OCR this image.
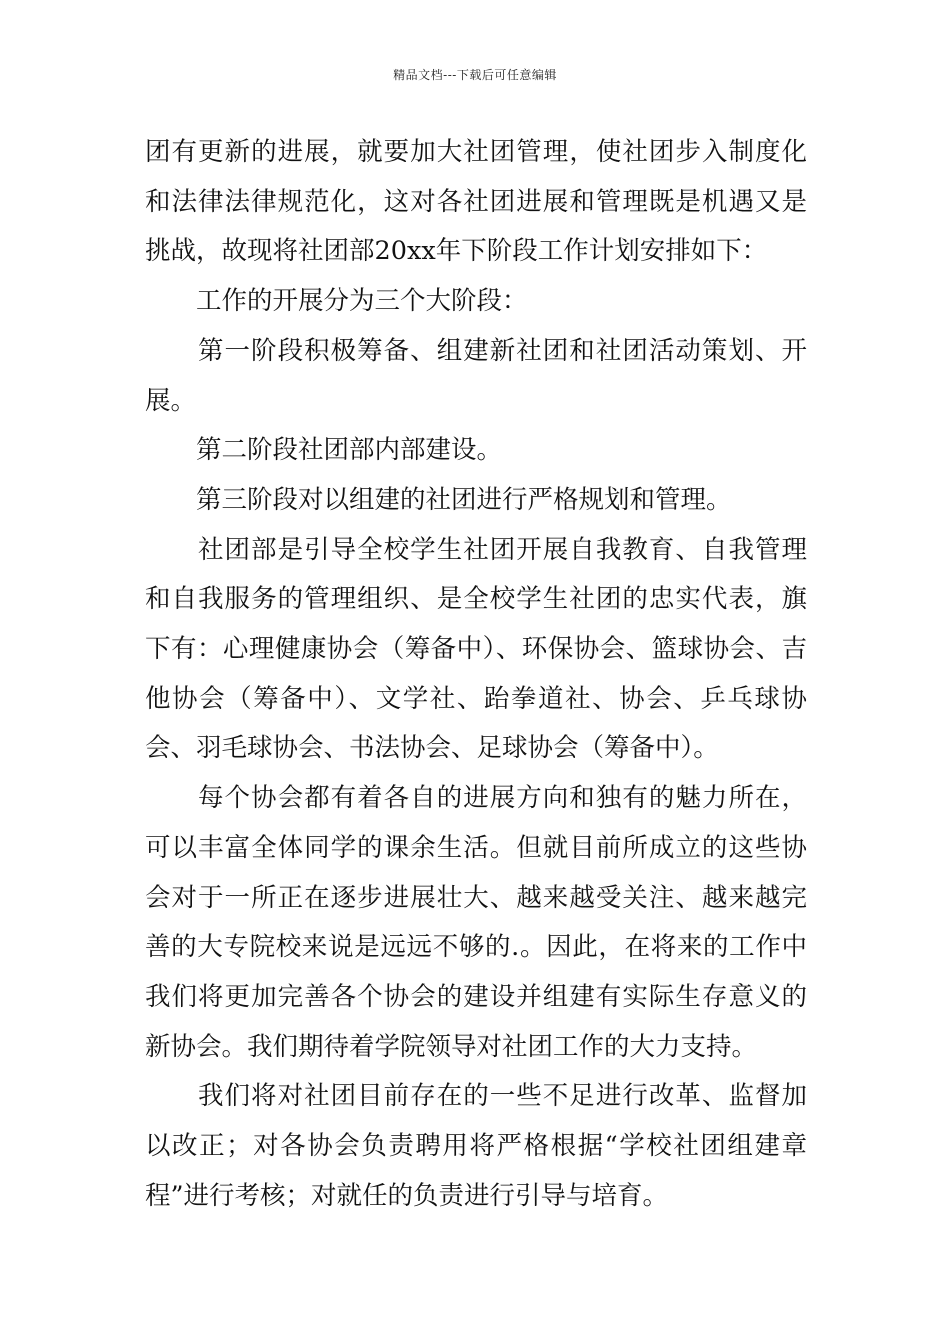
精品文档---下载后可任意编辑

团有更新的进展，就要加大社团管理，使社团步入制度化和法律法律规范化，这对各社团进展和管理既是机遇又是挑战，故现将社团部20xx年下阶段工作计划安排如下：

工作的开展分为三个大阶段：

第一阶段积极筹备、组建新社团和社团活动策划、开展。

第二阶段社团部内部建设。

第三阶段对以组建的社团进行严格规划和管理。

社团部是引导全校学生社团开展自我教育、自我管理和自我服务的管理组织、是全校学生社团的忠实代表，旗下有：心理健康协会（筹备中）、环保协会、篮球协会、吉他协会（筹备中）、文学社、跆拳道社、协会、乒乓球协会、羽毛球协会、书法协会、足球协会（筹备中）。

每个协会都有着各自的进展方向和独有的魅力所在，可以丰富全体同学的课余生活。但就目前所成立的这些协会对于一所正在逐步进展壮大、越来越受关注、越来越完善的大专院校来说是远远不够的.。因此，在将来的工作中我们将更加完善各个协会的建设并组建有实际生存意义的新协会。我们期待着学院领导对社团工作的大力支持。

我们将对社团目前存在的一些不足进行改革、监督加以改正；对各协会负责聘用将严格根据“学校社团组建章程”进行考核；对就任的负责进行引导与培育。
